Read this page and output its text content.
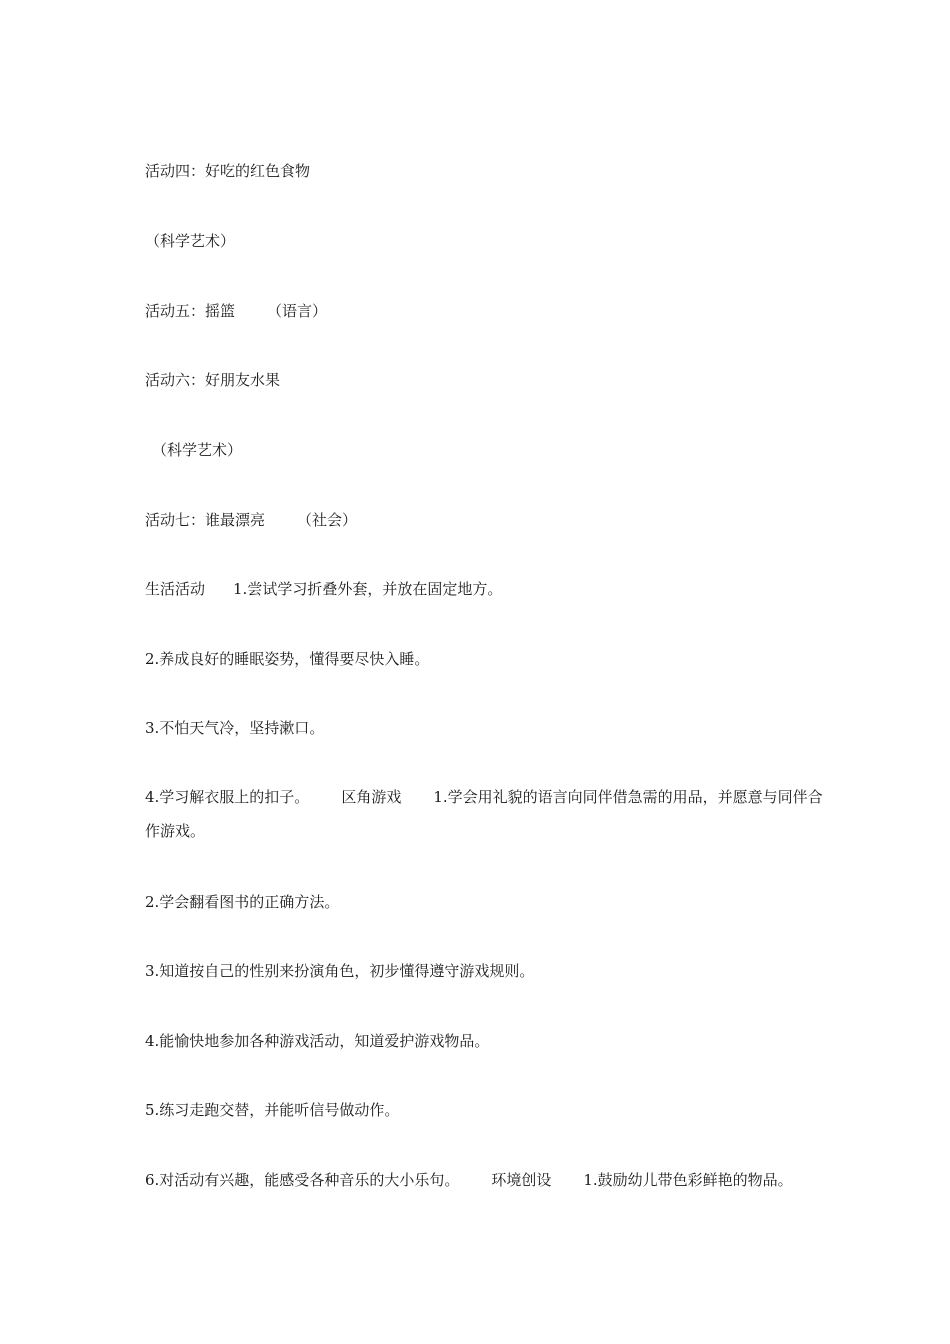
活动四：好吃的红色食物
（科学艺术）
活动五：摇篮 （语言）
活动六：好朋友水果
（科学艺术）
活动七：谁最漂亮 （社会）
生活活动 1.尝试学习折叠外套，并放在固定地方。
2.养成良好的睡眠姿势，懂得要尽快入睡。
3.不怕天气冷，坚持漱口。
4.学习解衣服上的扣子。 区角游戏 1.学会用礼貌的语言向同伴借急需的用品，并愿意与同伴合作游戏。
2.学会翻看图书的正确方法。
3.知道按自己的性别来扮演角色，初步懂得遵守游戏规则。
4.能愉快地参加各种游戏活动，知道爱护游戏物品。
5.练习走跑交替，并能听信号做动作。
6.对活动有兴趣，能感受各种音乐的大小乐句。 环境创设 1.鼓励幼儿带色彩鲜艳的物品。
